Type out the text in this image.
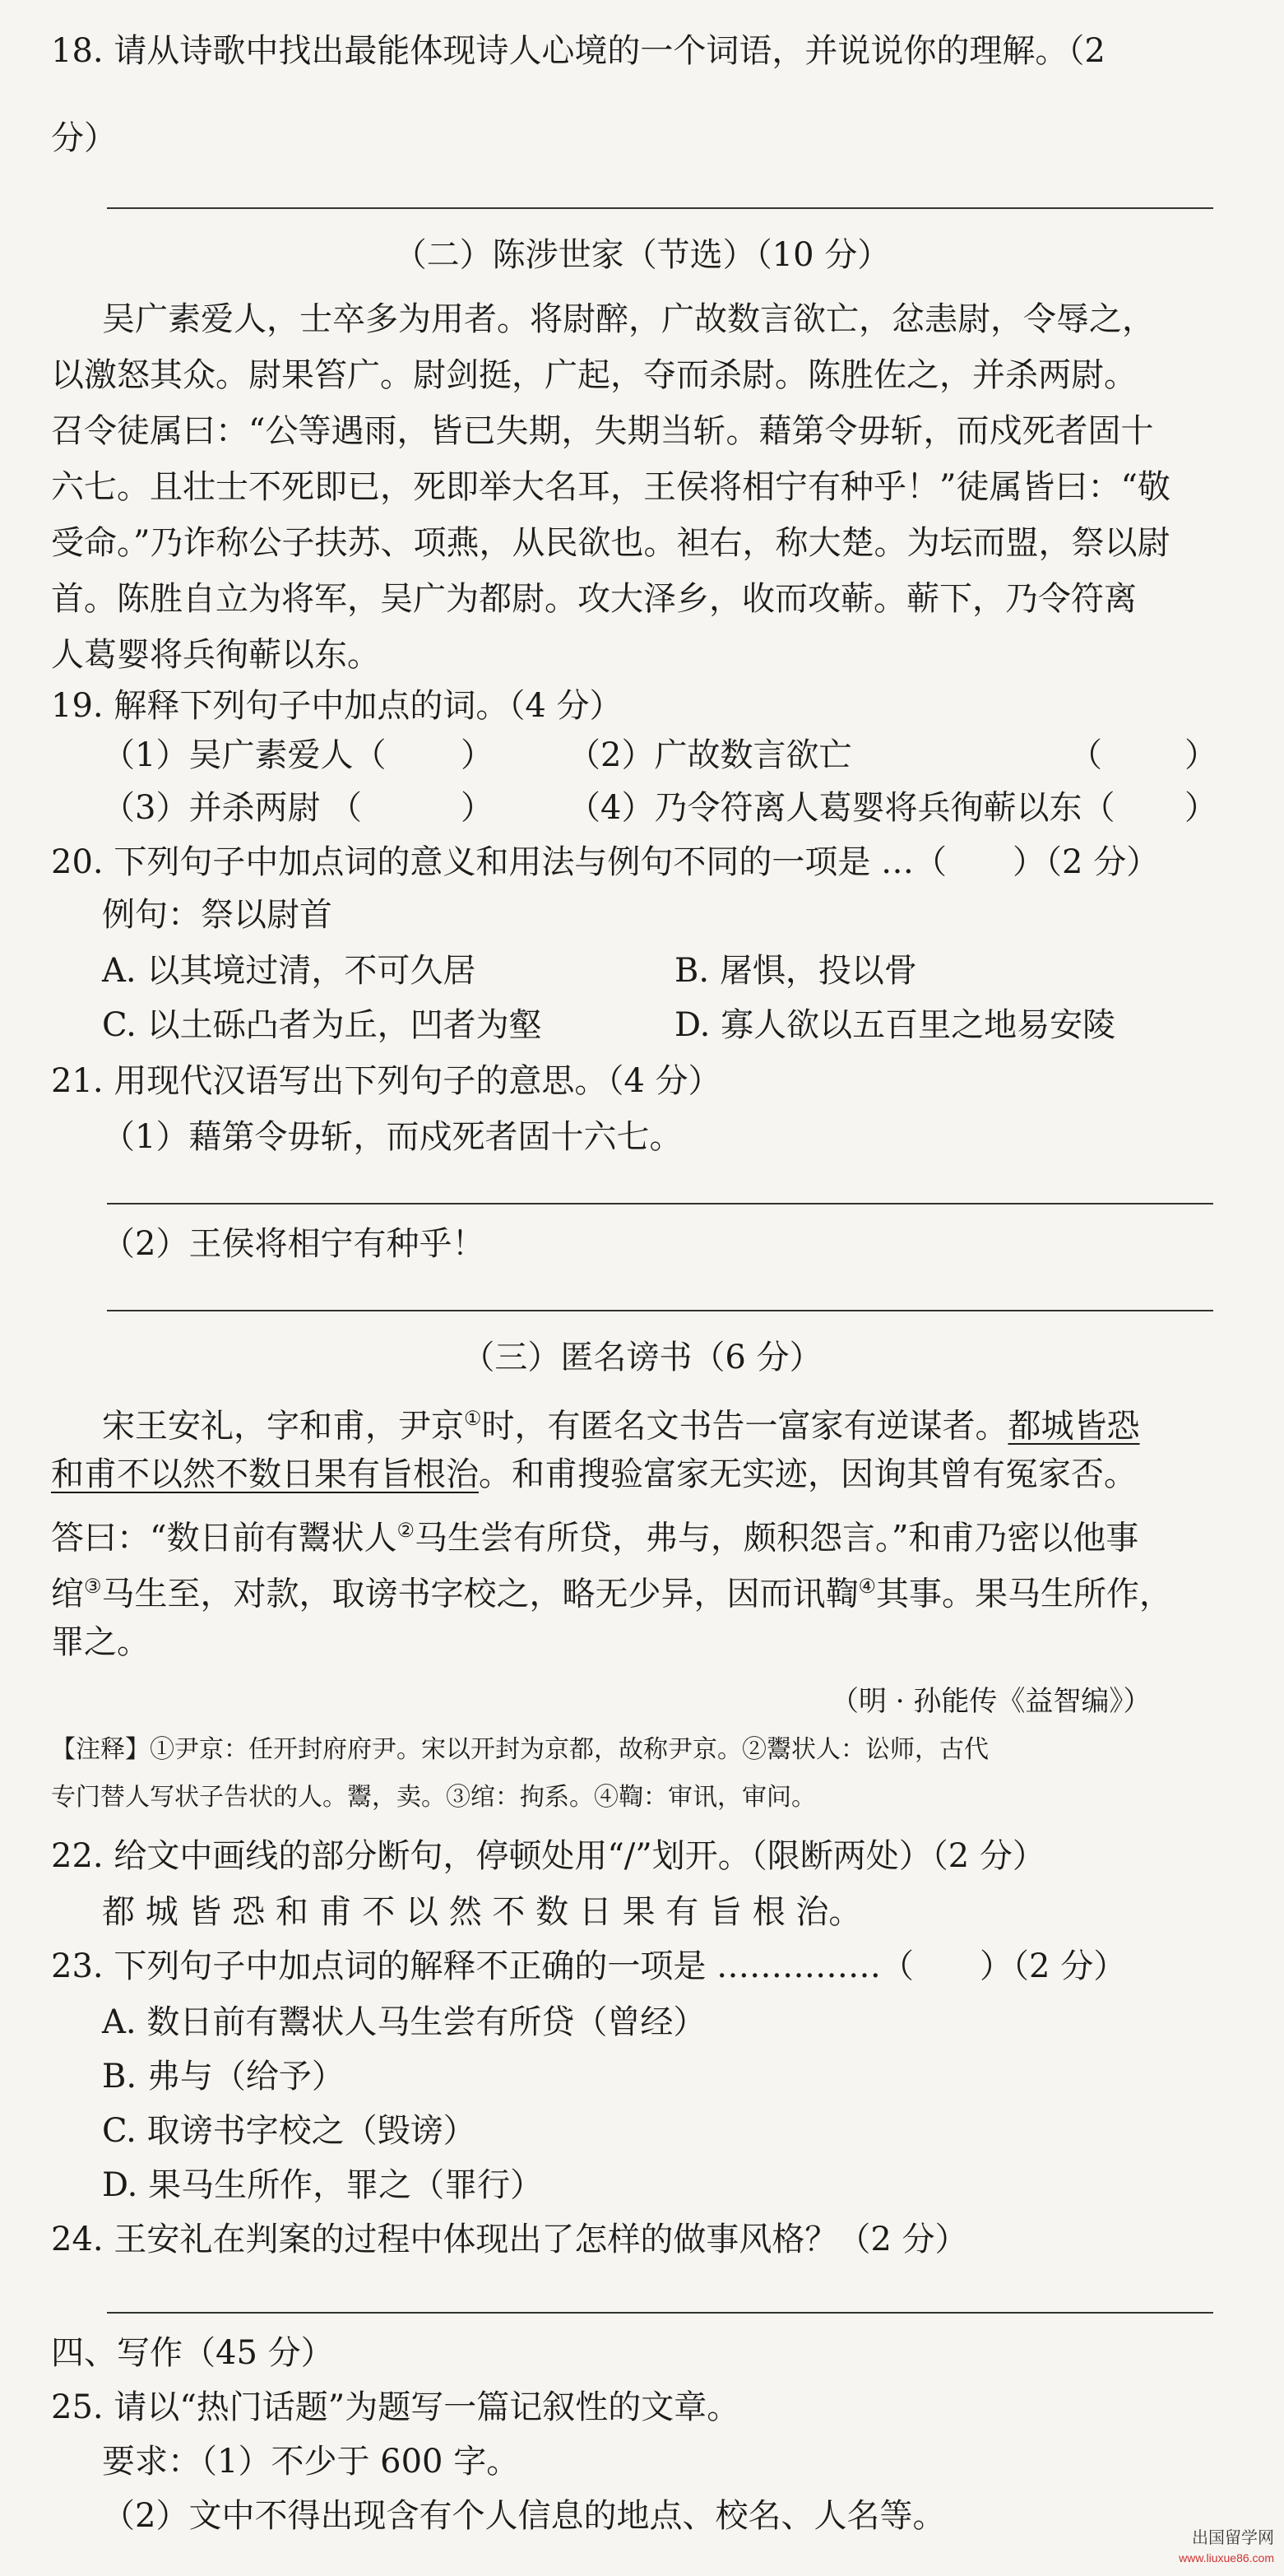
18. 请从诗歌中找出最能体现诗人心境的一个词语，并说说你的理解。（2
分）
（二）陈涉世家（节选）（10 分）
吴广素爱人，士卒多为用者。将尉醉，广故数言欲亡，忿恚尉，令辱之，
以激怒其众。尉果笞广。尉剑挺，广起，夺而杀尉。陈胜佐之，并杀两尉。
召令徒属曰：“公等遇雨，皆已失期，失期当斩。藉第令毋斩，而戍死者固十
六七。且壮士不死即已，死即举大名耳，王侯将相宁有种乎！”徒属皆曰：“敬
受命。”乃诈称公子扶苏、项燕，从民欲也。袒右，称大楚。为坛而盟，祭以尉
首。陈胜自立为将军，吴广为都尉。攻大泽乡，收而攻蕲。蕲下，乃令符离
人葛婴将兵徇蕲以东。
19. 解释下列句子中加点的词。（4 分）
（1）吴广素爱人（ ） （2）广故数言欲亡	（	）
（3）并杀两尉 （	） （4）乃令符离人葛婴将兵徇蕲以东（ ）
20. 下列句子中加点词的意义和用法与例句不同的一项是 …（　　）（2 分）
例句：祭以尉首
A. 以其境过清，不可久居	B. 屠惧，投以骨
C. 以土砾凸者为丘，凹者为壑	D. 寡人欲以五百里之地易安陵
21. 用现代汉语写出下列句子的意思。（4 分）
（1）藉第令毋斩，而戍死者固十六七。
（2）王侯将相宁有种乎！
（三）匿名谤书（6 分）
宋王安礼，字和甫，尹京①时，有匿名文书告一富家有逆谋者。都城皆恐
和甫不以然不数日果有旨根治。和甫搜验富家无实迹，因询其曾有冤家否。
答曰：“数日前有鬻状人②马生尝有所贷，弗与，颇积怨言。”和甫乃密以他事
绾③马生至，对款，取谤书字校之，略无少异，因而讯鞫④其事。果马生所作，
罪之。
（明 · 孙能传《益智编》）
【注释】①尹京：任开封府府尹。宋以开封为京都，故称尹京。②鬻状人：讼师，古代
专门替人写状子告状的人。鬻，卖。③绾：拘系。④鞫：审讯，审问。
22. 给文中画线的部分断句，停顿处用“/”划开。（限断两处）（2 分）
都 城 皆 恐 和 甫 不 以 然 不 数 日 果 有 旨 根 治。
23. 下列句子中加点词的解释不正确的一项是 ……………（　　）（2 分）
A. 数日前有鬻状人马生尝有所贷（曾经）
B. 弗与（给予）
C. 取谤书字校之（毁谤）
D. 果马生所作，罪之（罪行）
24. 王安礼在判案的过程中体现出了怎样的做事风格？（2 分）
四、写作（45 分）
25. 请以“热门话题”为题写一篇记叙性的文章。
要求：（1）不少于 600 字。
（2）文中不得出现含有个人信息的地点、校名、人名等。
出国留学网
www.liuxue86.com
